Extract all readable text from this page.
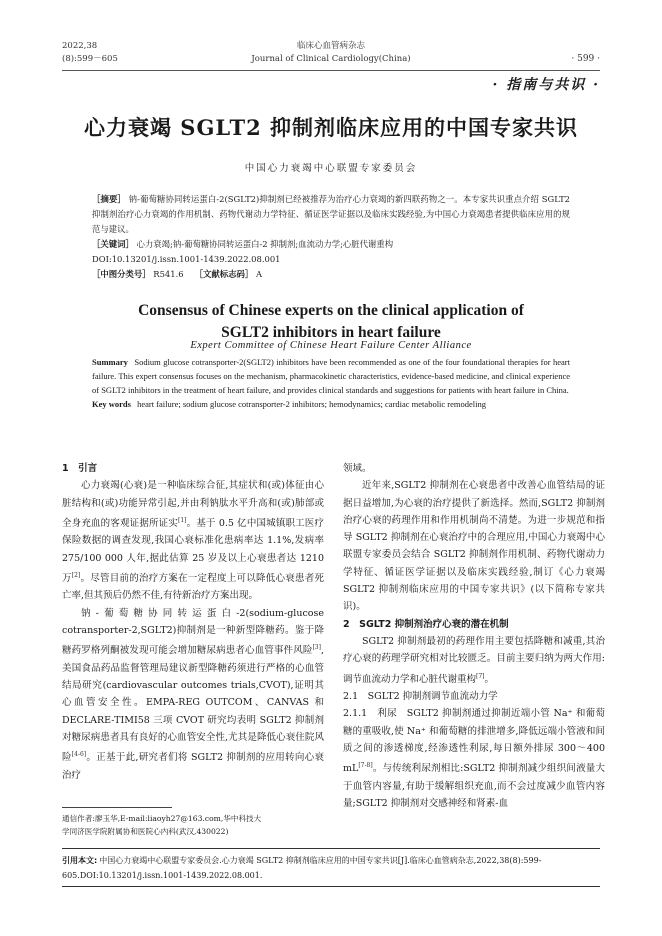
2022,38
(8):599－605
临床心血管病杂志
Journal of Clinical Cardiology(China)	· 599 ·
· 指南与共识 ·
心力衰竭 SGLT2 抑制剂临床应用的中国专家共识
中国心力衰竭中心联盟专家委员会

［摘要］ 钠-葡萄糖协同转运蛋白-2(SGLT2)抑制剂已经被推荐为治疗心力衰竭的新四联药物之一。本专家共识重点介绍 SGLT2 抑制剂治疗心力衰竭的作用机制、药物代谢动力学特征、循证医学证据以及临床实践经验,为中国心力衰竭患者提供临床应用的规范与建议。

［关键词］ 心力衰竭;钠-葡萄糖协同转运蛋白-2 抑制剂;血流动力学;心脏代谢重构

DOI:10.13201/j.issn.1001-1439.2022.08.001

［中图分类号］ R541.6　 ［文献标志码］ A

Consensus of Chinese experts on the clinical application of
SGLT2 inhibitors in heart failure
Expert Committee of Chinese Heart Failure Center Alliance

Summary Sodium glucose cotransporter-2(SGLT2) inhibitors have been recommended as one of the four foundational therapies for heart failure. This expert consensus focuses on the mechanism, pharmacokinetic characteristics, evidence-based medicine, and clinical experience of SGLT2 inhibitors in the treatment of heart failure, and provides clinical standards and suggestions for patients with heart failure in China.

Key words heart failure; sodium glucose cotransporter-2 inhibitors; hemodynamics; cardiac metabolic remodeling

1　引言

心力衰竭(心衰)是一种临床综合征,其症状和(或)体征由心脏结构和(或)功能异常引起,并由利钠肽水平升高和(或)肺部或全身充血的客观证据所证实[1]。基于 0.5 亿中国城镇职工医疗保险数据的调查发现,我国心衰标准化患病率达 1.1%,发病率 275/100 000 人年,据此估算 25 岁及以上心衰患者达 1210 万[2]。尽管目前的治疗方案在一定程度上可以降低心衰患者死亡率,但其预后仍然不佳,有待新治疗方案出现。

钠-葡萄糖协同转运蛋白-2(sodium-glucose cotransporter-2,SGLT2)抑制剂是一种新型降糖药。鉴于降糖药罗格列酮被发现可能会增加糖尿病患者心血管事件风险[3],美国食品药品监督管理局建议新型降糖药须进行严格的心血管结局研究(cardiovascular outcomes trials,CVOT),证明其心血管安全性。EMPA-REG OUTCOM、CANVAS 和 DECLARE-TIMI58 三项 CVOT 研究均表明 SGLT2 抑制剂对糖尿病患者具有良好的心血管安全性,尤其是降低心衰住院风险[4-6]。正基于此,研究者们将 SGLT2 抑制剂的应用转向心衰治疗

领域。

近年来,SGLT2 抑制剂在心衰患者中改善心血管结局的证据日益增加,为心衰的治疗提供了新选择。然而,SGLT2 抑制剂治疗心衰的药理作用和作用机制尚不清楚。为进一步规范和指导 SGLT2 抑制剂在心衰治疗中的合理应用,中国心力衰竭中心联盟专家委员会结合 SGLT2 抑制剂作用机制、药物代谢动力学特征、循证医学证据以及临床实践经验,制订《心力衰竭 SGLT2 抑制剂临床应用的中国专家共识》(以下简称专家共识)。

2　SGLT2 抑制剂治疗心衰的潜在机制

SGLT2 抑制剂最初的药理作用主要包括降糖和减重,其治疗心衰的药理学研究相对比较匮乏。目前主要归纳为两大作用:调节血流动力学和心脏代谢重构[7]。

2.1　SGLT2 抑制剂调节血流动力学

2.1.1　利尿　 SGLT2 抑制剂通过抑制近端小管 Na⁺ 和葡萄糖的重吸收,使 Na⁺ 和葡萄糖的排泄增多,降低远端小管液和间质之间的渗透梯度,经渗透性利尿,每日额外排尿 300～400 mL[7-8]。与传统利尿剂相比:SGLT2 抑制剂减少组织间液量大于血管内容量,有助于缓解组织充血,而不会过度减少血管内容量;SGLT2 抑制剂对交感神经和肾素-血

通信作者:廖玉华,E-mail:liaoyh27@163.com,华中科技大
学同济医学院附属协和医院心内科(武汉,430022)
引用本文: 中国心力衰竭中心联盟专家委员会.心力衰竭 SGLT2 抑制剂临床应用的中国专家共识[J].临床心血管病杂志,2022,38(8):599-605.DOI:10.13201/j.issn.1001-1439.2022.08.001.
